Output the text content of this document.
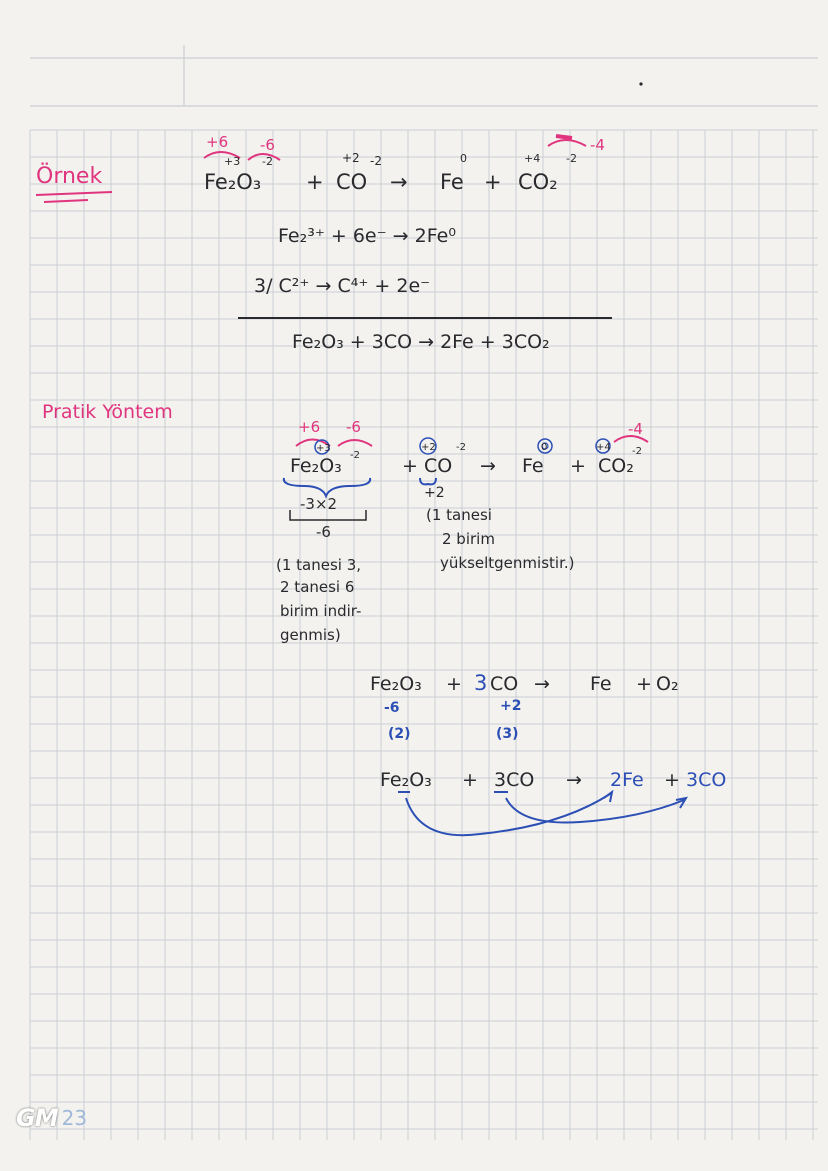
Örnek
+6 -6	-4
+3 -2	+2 -2	0	+4 -2
Fe₂O₃ + CO → Fe + CO₂
Fe₂³⁺ + 6e⁻ → 2Fe⁰
3/ C²⁺ → C⁴⁺ + 2e⁻
Fe₂O₃ + 3CO → 2Fe + 3CO₂
Pratik Yöntem
+6 -6	-4
+3
-2
+2 -2	0	+4 -2
Fe₂O₃	+ CO → Fe + CO₂
-3×2
-6
+2
(1 tanesi 3,
2 tanesi 6
birim indir-
genmis)
(1 tanesi
2 birim
yükseltgenmistir.)
Fe₂O₃ + 3 CO → Fe + O₂
-6	+2
(2)	(3)
Fe₂O₃ + 3CO → 2Fe + 3CO
GM 23
